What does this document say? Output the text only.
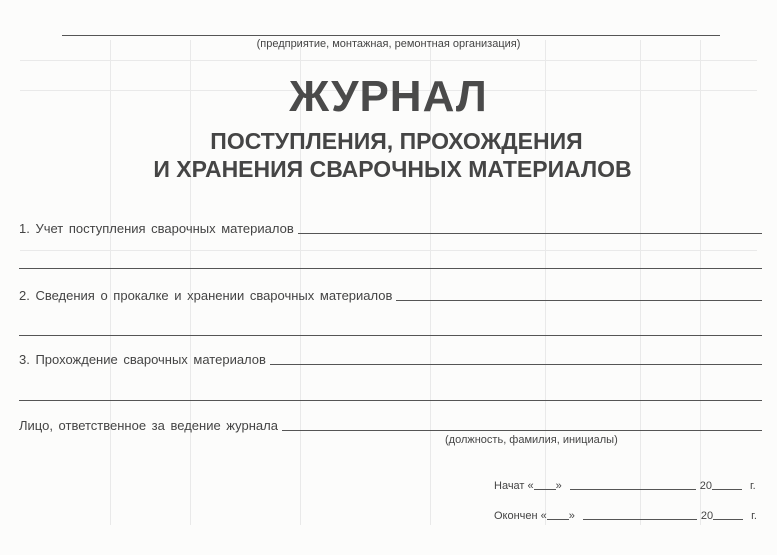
(предприятие, монтажная, ремонтная организация)
ЖУРНАЛ
ПОСТУПЛЕНИЯ, ПРОХОЖДЕНИЯ
И ХРАНЕНИЯ СВАРОЧНЫХ МАТЕРИАЛОВ
1. Учет поступления сварочных материалов
2. Сведения о прокалке и хранении сварочных материалов
3. Прохождение сварочных материалов
Лицо, ответственное за ведение журнала
(должность, фамилия, инициалы)
Начат « »	20	г.
Окончен « »	20	г.
